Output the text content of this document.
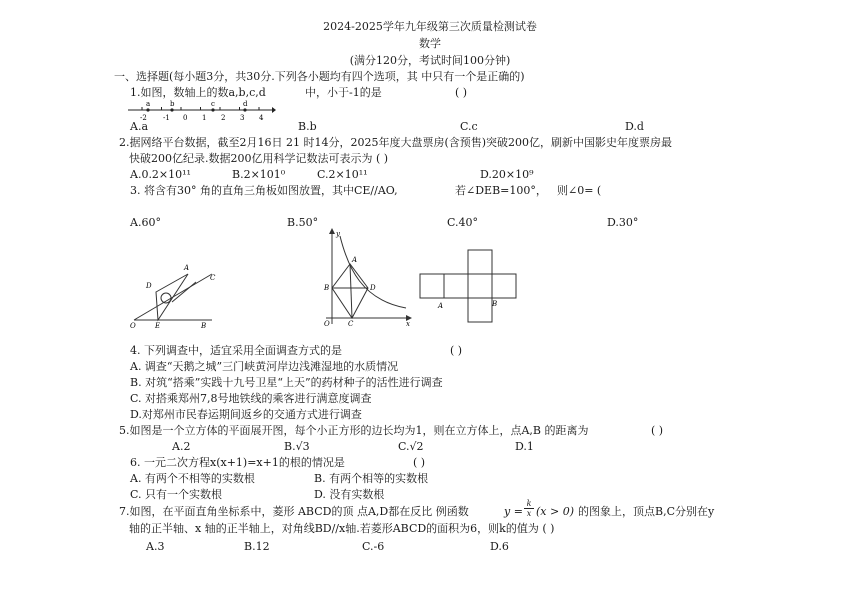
2024-2025学年九年级第三次质量检测试卷
数学
(满分120分，考试时间100分钟)
一、选择题(每小题3分，共30分.下列各小题均有四个选项，其 中只有一个是正确的)
1.如图，数轴上的数a,b,c,d	中，小于-1的是	( )
a	b	c	d
-2 -1 0 1 2 3 4
A.a	B.b	C.c	D.d
2.据网络平台数据，截至2月16日 21 时14分，2025年度大盘票房(含预售)突破200亿，刷新中国影史年度票房最
快破200亿纪录.数据200亿用科学记数法可表示为 ( )
A.0.2×10¹¹	B.2×101⁰	C.2×10¹¹	D.20×10⁹
3. 将含有30° 角的直角三角板如图放置，其中CE//AO,	若∠DEB=100°， 则∠0= (
A.60°	B.50°	C.40°	D.30°
A
C
D
O	E	B
y
A
B	D
O	C	x
A	B
4. 下列调查中，适宜采用全面调查方式的是	( )
A. 调查“天鹅之城”三门峡黄河岸边浅滩湿地的水质情况
B. 对筑“搭乘”实践十九号卫星“上天”的药材种子的活性进行调查
C. 对搭乘郑州7,8号地铁线的乘客进行满意度调查
D.对郑州市民春运期间返乡的交通方式进行调查
5.如图是一个立方体的平面展开图，每个小正方形的边长均为1，则在立方体上，点A,B 的距离为	( )
A.2	B.√3	C.√2	D.1
6. 一元二次方程x(x+1)=x+1的根的情况是	( )
A. 有两个不相等的实数根	B. 有两个相等的实数根
C. 只有一个实数根	D. 没有实数根
7.如图，在平面直角坐标系中，菱形 ABCD的顶 点A,D都在反比 例函数	$y = \frac{k}{x} (x > 0)$ 的图象上，顶点B,C分别在y
轴的正半轴、x 轴的正半轴上，对角线BD//x轴.若菱形ABCD的面积为6，则k的值为 ( )
A.3	B.12	C.-6	D.6
